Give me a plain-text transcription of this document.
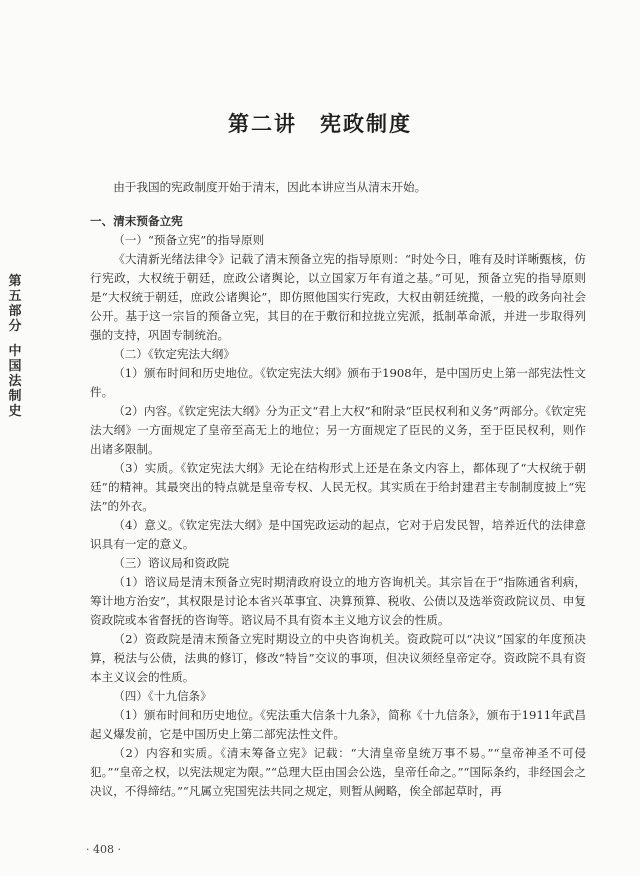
第二讲　宪政制度
第五部分
中国法制史

由于我国的宪政制度开始于清末，因此本讲应当从清末开始。

一、清末预备立宪

（一）“预备立宪”的指导原则

《大清新光绪法律令》记载了清末预备立宪的指导原则：“时处今日，唯有及时详晰甄核，仿行宪政，大权统于朝廷，庶政公诸舆论，以立国家万年有道之基。”可见，预备立宪的指导原则是“大权统于朝廷，庶政公诸舆论”，即仿照他国实行宪政，大权由朝廷统揽，一般的政务向社会公开。基于这一宗旨的预备立宪，其目的在于敷衍和拉拢立宪派，抵制革命派，并进一步取得列强的支持，巩固专制统治。

（二）《钦定宪法大纲》

（1）颁布时间和历史地位。《钦定宪法大纲》颁布于1908年，是中国历史上第一部宪法性文件。

（2）内容。《钦定宪法大纲》分为正文“君上大权”和附录“臣民权利和义务”两部分。《钦定宪法大纲》一方面规定了皇帝至高无上的地位；另一方面规定了臣民的义务，至于臣民权利，则作出诸多限制。

（3）实质。《钦定宪法大纲》无论在结构形式上还是在条文内容上，都体现了“大权统于朝廷”的精神。其最突出的特点就是皇帝专权、人民无权。其实质在于给封建君主专制制度披上“宪法”的外衣。

（4）意义。《钦定宪法大纲》是中国宪政运动的起点，它对于启发民智，培养近代的法律意识具有一定的意义。

（三）谘议局和资政院

（1）谘议局是清末预备立宪时期清政府设立的地方咨询机关。其宗旨在于“指陈通省利病，筹计地方治安”，其权限是讨论本省兴革事宜、决算预算、税收、公债以及选举资政院议员、申复资政院或本省督抚的咨询等。谘议局不具有资本主义地方议会的性质。

（2）资政院是清末预备立宪时期设立的中央咨询机关。资政院可以“决议”国家的年度预决算，税法与公债，法典的修订，修改“特旨”交议的事项，但决议须经皇帝定夺。资政院不具有资本主义议会的性质。

（四）《十九信条》

（1）颁布时间和历史地位。《宪法重大信条十九条》，简称《十九信条》，颁布于1911年武昌起义爆发前，它是中国历史上第二部宪法性文件。

（2）内容和实质。《清末筹备立宪》记载：“大清皇帝皇统万事不易。”“皇帝神圣不可侵犯。”“皇帝之权，以宪法规定为限。”“总理大臣由国会公选，皇帝任命之。”“国际条约，非经国会之决议，不得缔结。”“凡属立宪国宪法共同之规定，则暂从阙略，俟全部起草时，再

· 408 ·
